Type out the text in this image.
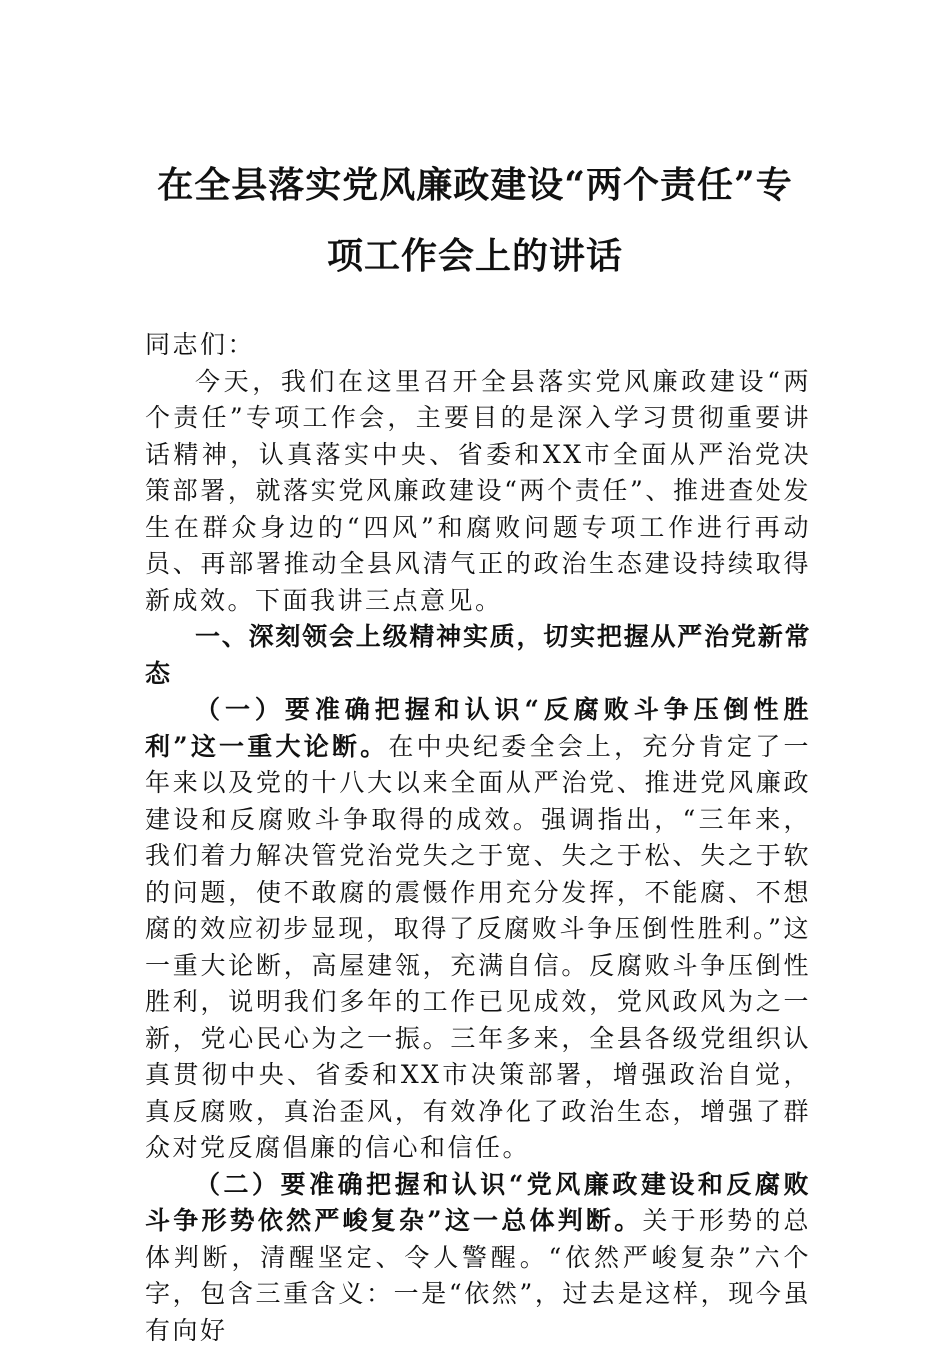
在全县落实党风廉政建设“两个责任”专
项工作会上的讲话

同志们：

今天，我们在这里召开全县落实党风廉政建设“两个责任”专项工作会，主要目的是深入学习贯彻重要讲话精神，认真落实中央、省委和XX市全面从严治党决策部署，就落实党风廉政建设“两个责任”、推进查处发生在群众身边的“四风”和腐败问题专项工作进行再动员、再部署推动全县风清气正的政治生态建设持续取得新成效。下面我讲三点意见。

一、深刻领会上级精神实质，切实把握从严治党新常态

（一）要准确把握和认识“反腐败斗争压倒性胜利”这一重大论断。在中央纪委全会上，充分肯定了一年来以及党的十八大以来全面从严治党、推进党风廉政建设和反腐败斗争取得的成效。强调指出，“三年来，我们着力解决管党治党失之于宽、失之于松、失之于软的问题，使不敢腐的震慑作用充分发挥，不能腐、不想腐的效应初步显现，取得了反腐败斗争压倒性胜利。”这一重大论断，高屋建瓴，充满自信。反腐败斗争压倒性胜利，说明我们多年的工作已见成效，党风政风为之一新，党心民心为之一振。三年多来，全县各级党组织认真贯彻中央、省委和XX市决策部署，增强政治自觉，真反腐败，真治歪风，有效净化了政治生态，增强了群众对党反腐倡廉的信心和信任。

（二）要准确把握和认识“党风廉政建设和反腐败斗争形势依然严峻复杂”这一总体判断。关于形势的总体判断，清醒坚定、令人警醒。“依然严峻复杂”六个字，包含三重含义：一是“依然”，过去是这样，现今虽有向好
